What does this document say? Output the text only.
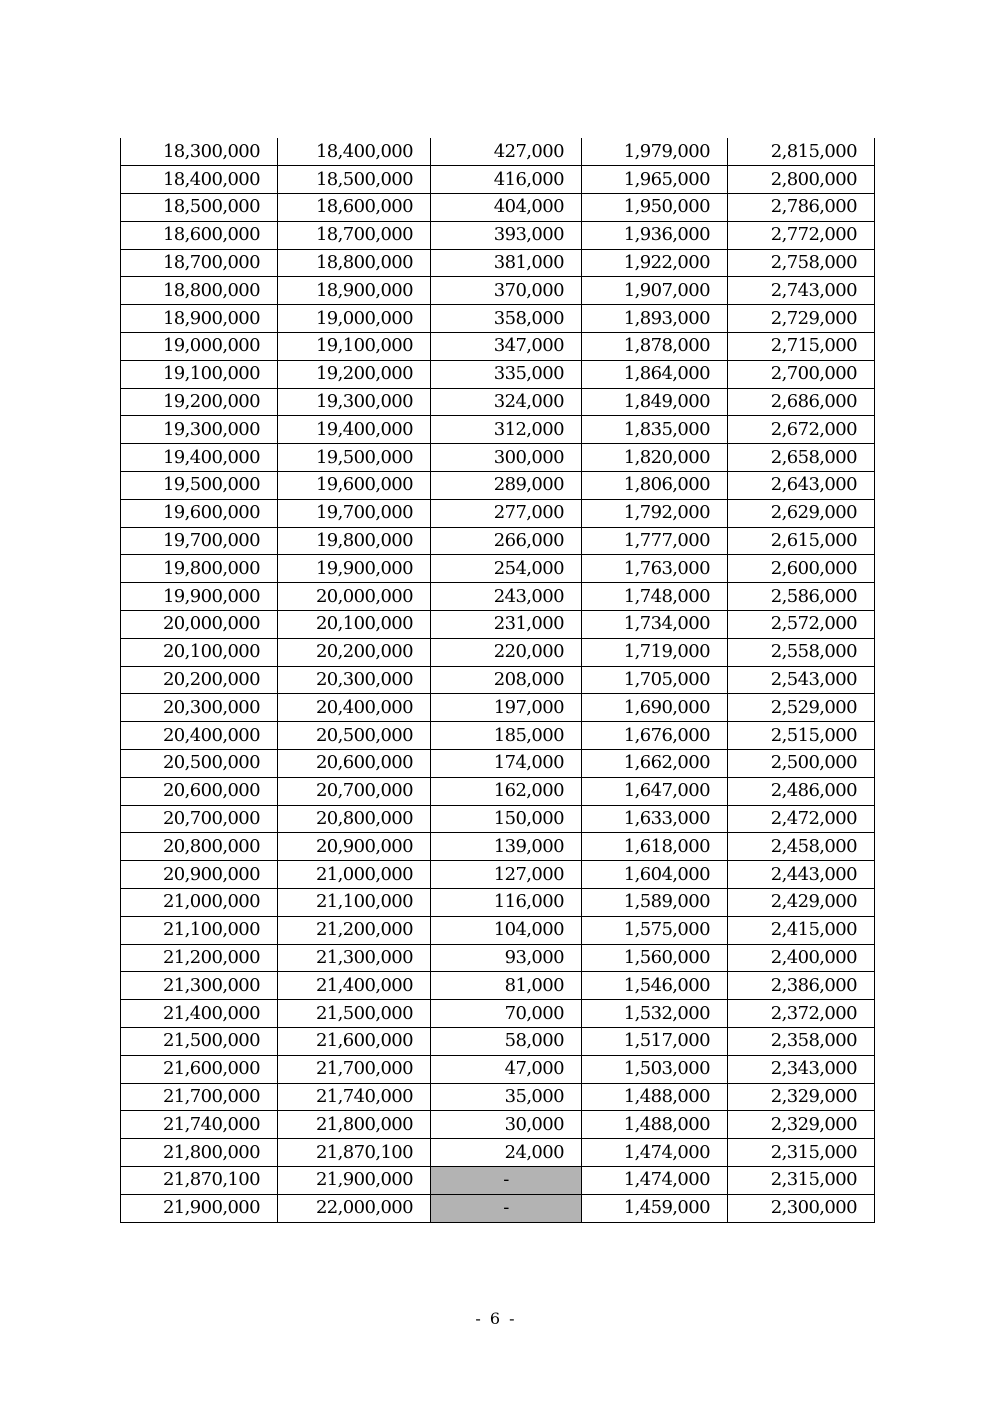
18,300,000	18,400,000	427,000	1,979,000	2,815,000
18,400,000	18,500,000	416,000	1,965,000	2,800,000
18,500,000	18,600,000	404,000	1,950,000	2,786,000
18,600,000	18,700,000	393,000	1,936,000	2,772,000
18,700,000	18,800,000	381,000	1,922,000	2,758,000
18,800,000	18,900,000	370,000	1,907,000	2,743,000
18,900,000	19,000,000	358,000	1,893,000	2,729,000
19,000,000	19,100,000	347,000	1,878,000	2,715,000
19,100,000	19,200,000	335,000	1,864,000	2,700,000
19,200,000	19,300,000	324,000	1,849,000	2,686,000
19,300,000	19,400,000	312,000	1,835,000	2,672,000
19,400,000	19,500,000	300,000	1,820,000	2,658,000
19,500,000	19,600,000	289,000	1,806,000	2,643,000
19,600,000	19,700,000	277,000	1,792,000	2,629,000
19,700,000	19,800,000	266,000	1,777,000	2,615,000
19,800,000	19,900,000	254,000	1,763,000	2,600,000
19,900,000	20,000,000	243,000	1,748,000	2,586,000
20,000,000	20,100,000	231,000	1,734,000	2,572,000
20,100,000	20,200,000	220,000	1,719,000	2,558,000
20,200,000	20,300,000	208,000	1,705,000	2,543,000
20,300,000	20,400,000	197,000	1,690,000	2,529,000
20,400,000	20,500,000	185,000	1,676,000	2,515,000
20,500,000	20,600,000	174,000	1,662,000	2,500,000
20,600,000	20,700,000	162,000	1,647,000	2,486,000
20,700,000	20,800,000	150,000	1,633,000	2,472,000
20,800,000	20,900,000	139,000	1,618,000	2,458,000
20,900,000	21,000,000	127,000	1,604,000	2,443,000
21,000,000	21,100,000	116,000	1,589,000	2,429,000
21,100,000	21,200,000	104,000	1,575,000	2,415,000
21,200,000	21,300,000	93,000	1,560,000	2,400,000
21,300,000	21,400,000	81,000	1,546,000	2,386,000
21,400,000	21,500,000	70,000	1,532,000	2,372,000
21,500,000	21,600,000	58,000	1,517,000	2,358,000
21,600,000	21,700,000	47,000	1,503,000	2,343,000
21,700,000	21,740,000	35,000	1,488,000	2,329,000
21,740,000	21,800,000	30,000	1,488,000	2,329,000
21,800,000	21,870,100	24,000	1,474,000	2,315,000
21,870,100	21,900,000	-	1,474,000	2,315,000
21,900,000	22,000,000	-	1,459,000	2,300,000
- 6 -
